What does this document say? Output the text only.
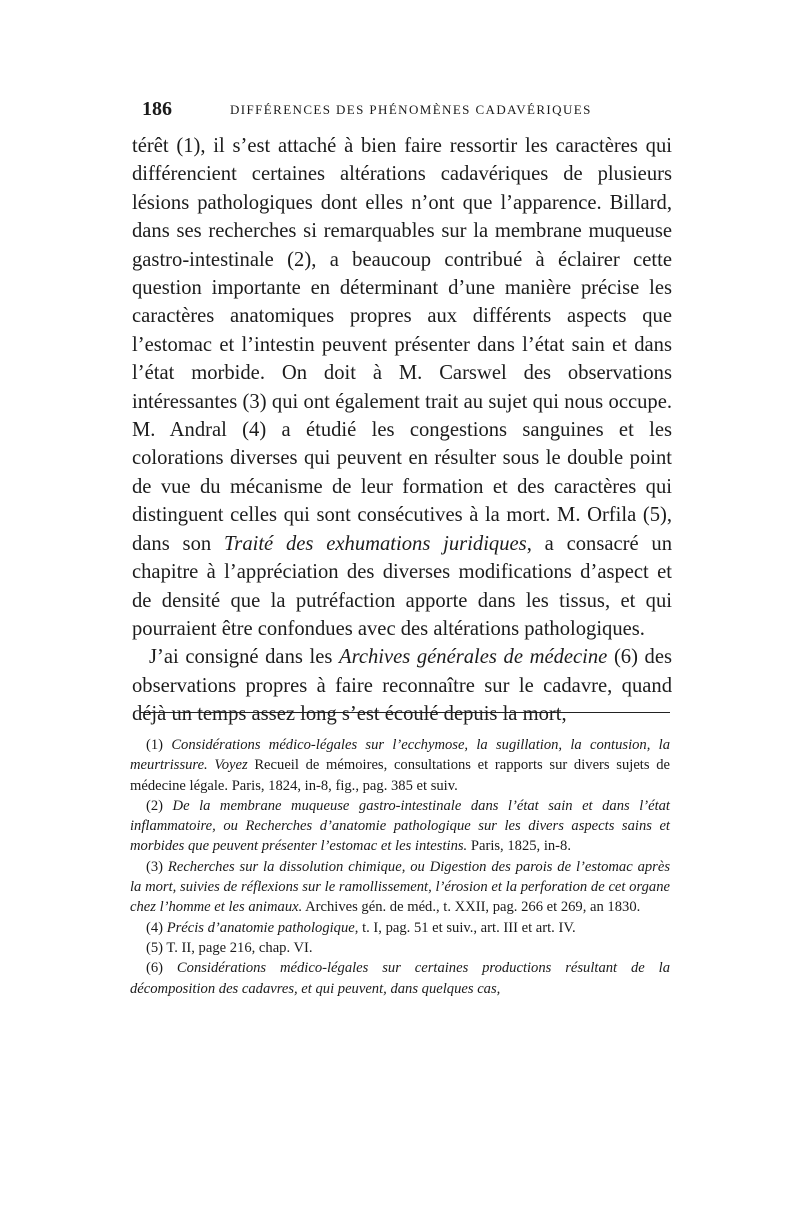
186	DIFFÉRENCES DES PHÉNOMÈNES CADAVÉRIQUES

térêt (1), il s’est attaché à bien faire ressortir les caractères qui différencient certaines altérations cadavériques de plusieurs lésions pathologiques dont elles n’ont que l’apparence. Billard, dans ses recherches si remarquables sur la membrane muqueuse gastro-intestinale (2), a beaucoup contribué à éclairer cette question importante en déterminant d’une manière précise les caractères anatomiques propres aux différents aspects que l’estomac et l’intestin peuvent présenter dans l’état sain et dans l’état morbide. On doit à M. Carswel des observations intéressantes (3) qui ont également trait au sujet qui nous occupe. M. Andral (4) a étudié les congestions sanguines et les colorations diverses qui peuvent en résulter sous le double point de vue du mécanisme de leur formation et des caractères qui distinguent celles qui sont consécutives à la mort. M. Orfila (5), dans son Traité des exhumations juridiques, a consacré un chapitre à l’appréciation des diverses modifications d’aspect et de densité que la putréfaction apporte dans les tissus, et qui pourraient être confondues avec des altérations pathologiques.

J’ai consigné dans les Archives générales de médecine (6) des observations propres à faire reconnaître sur le cadavre, quand déjà un temps assez long s’est écoulé depuis la mort,

(1) Considérations médico-légales sur l’ecchymose, la sugillation, la contusion, la meurtrissure. Voyez Recueil de mémoires, consultations et rapports sur divers sujets de médecine légale. Paris, 1824, in-8, fig., pag. 385 et suiv.

(2) De la membrane muqueuse gastro-intestinale dans l’état sain et dans l’état inflammatoire, ou Recherches d’anatomie pathologique sur les divers aspects sains et morbides que peuvent présenter l’estomac et les intestins. Paris, 1825, in-8.

(3) Recherches sur la dissolution chimique, ou Digestion des parois de l’estomac après la mort, suivies de réflexions sur le ramollissement, l’érosion et la perforation de cet organe chez l’homme et les animaux. Archives gén. de méd., t. XXII, pag. 266 et 269, an 1830.

(4) Précis d’anatomie pathologique, t. I, pag. 51 et suiv., art. III et art. IV.

(5) T. II, page 216, chap. VI.

(6) Considérations médico-légales sur certaines productions résultant de la décomposition des cadavres, et qui peuvent, dans quelques cas,
